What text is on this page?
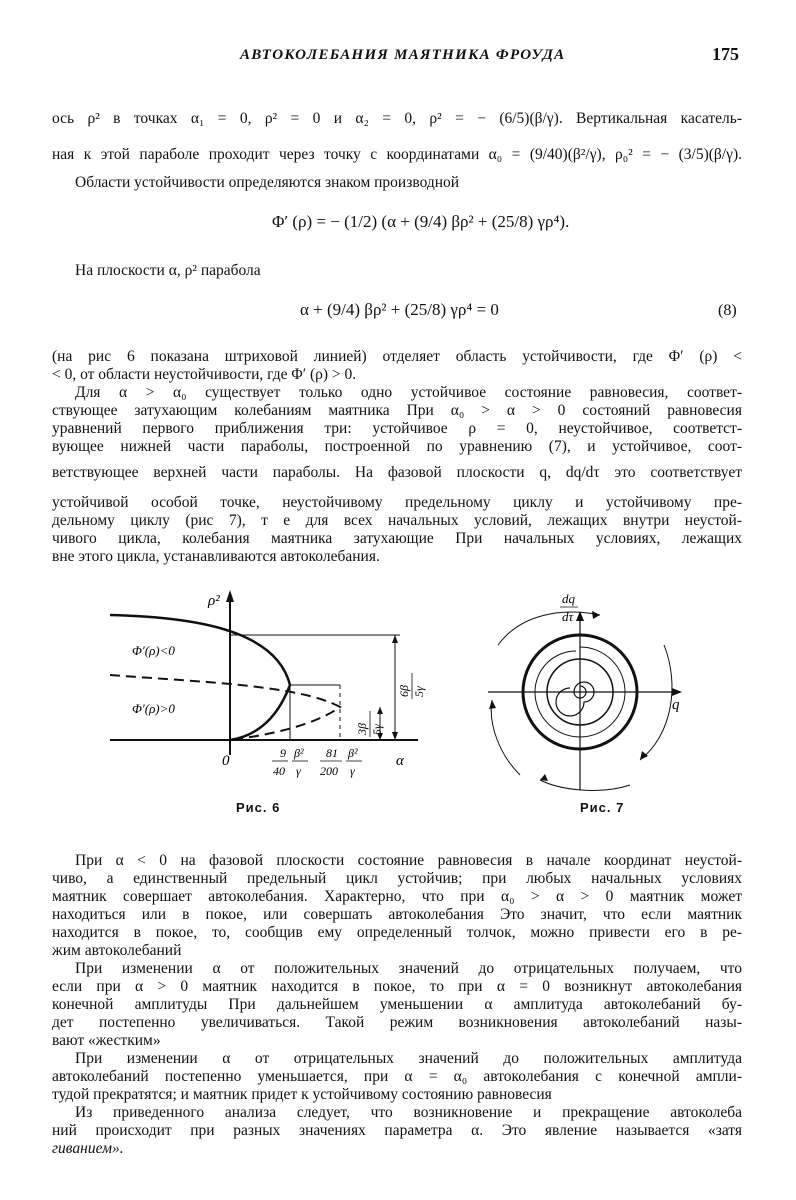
АВТОКОЛЕБАНИЯ МАЯТНИКА ФРОУДА	175
ось ρ² в точках α₁ = 0, ρ² = 0 и α₂ = 0, ρ² = − (6/5)(β/γ). Вертикальная касатель-
ная к этой параболе проходит через точку с координатами α₀ = (9/40)(β²/γ), ρ₀² = − (3/5)(β/γ).
Области устойчивости определяются знаком производной
Φ′ (ρ) = − (1/2) (α + (9/4) βρ² + (25/8) γρ⁴).
На плоскости α, ρ² парабола
α + (9/4) βρ² + (25/8) γρ⁴ = 0	(8)
(на рис 6 показана штриховой линией) отделяет область устойчивости, где Φ′ (ρ) <
< 0, от области неустойчивости, где Φ′ (ρ) > 0.
Для α > α₀ существует только одно устойчивое состояние равновесия, соответ-
ствующее затухающим колебаниям маятника При α₀ > α > 0 состояний равновесия
уравнений первого приближения три: устойчивое ρ = 0, неустойчивое, соответст-
вующее нижней части параболы, построенной по уравнению (7), и устойчивое, соот-
ветствующее верхней части параболы. На фазовой плоскости q, dq/dτ это соответствует
устойчивой особой точке, неустойчивому предельному циклу и устойчивому пре-
дельному циклу (рис 7), т е для всех начальных условий, лежащих внутри неустой-
чивого цикла, колебания маятника затухающие При начальных условиях, лежащих
вне этого цикла, устанавливаются автоколебания.
ρ²
α
0
Φ′(ρ)<0
Φ′(ρ)>0
6β 5γ
3β 5γ
9
40
β²
γ
81
200
β²
γ
Рис. 6
dq
dτ
q
Рис. 7
При α < 0 на фазовой плоскости состояние равновесия в начале координат неустой-
чиво, а единственный предельный цикл устойчив; при любых начальных условиях
маятник совершает автоколебания. Характерно, что при α₀ > α > 0 маятник может
находиться или в покое, или совершать автоколебания Это значит, что если маятник
находится в покое, то, сообщив ему определенный толчок, можно привести его в ре-
жим автоколебаний
При изменении α от положительных значений до отрицательных получаем, что
если при α > 0 маятник находится в покое, то при α = 0 возникнут автоколебания
конечной амплитуды При дальнейшем уменьшении α амплитуда автоколебаний бу-
дет постепенно увеличиваться. Такой режим возникновения автоколебаний назы-
вают «жестким»
При изменении α от отрицательных значений до положительных амплитуда
автоколебаний постепенно уменьшается, при α = α₀ автоколебания с конечной ампли-
тудой прекратятся; и маятник придет к устойчивому состоянию равновесия
Из приведенного анализа следует, что возникновение и прекращение автоколеба
ний происходит при разных значениях параметра α. Это явление называется «затя
гиванием».
